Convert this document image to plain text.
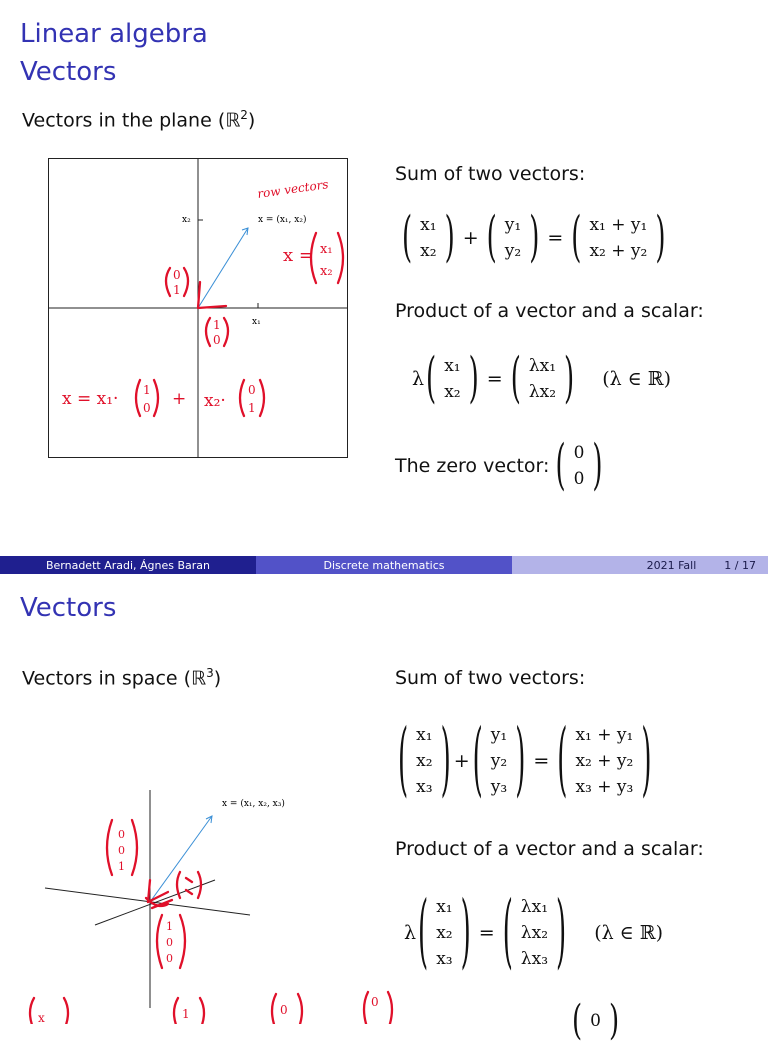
Linear algebra
Vectors
Vectors in the plane (ℝ$^2$)
x₂
x₁
x = (x₁, x₂)
row vectors
x = x₁
x₂
0
1
1
0
x = x₁· 1
0 + x₂·
0
1
Sum of two vectors:
( x₁
x₂ ) + ( y₁
y₂ ) = ( x₁ + y₁
x₂ + y₂ )
Product of a vector and a scalar:
λ ( x₁
x₂ ) = ( λx₁
λx₂ )	(λ ∈ ℝ)
The zero vector: ( 0
0 )
Bernadett Aradi, Ágnes Baran	Discrete mathematics	2021 Fall	1 / 17
Vectors
Vectors in space (ℝ$^3$)
x = (x₁, x₂, x₃)
0
0
1
1
0
0
x	1	0
0
Sum of two vectors:
( x₁
x₂
x₃ ) + ( y₁
y₂
y₃ ) = ( x₁ + y₁
x₂ + y₂
x₃ + y₃ )
Product of a vector and a scalar:
λ ( x₁
x₂
x₃ ) = ( λx₁
λx₂
λx₃ )	(λ ∈ ℝ)
( 0 )
